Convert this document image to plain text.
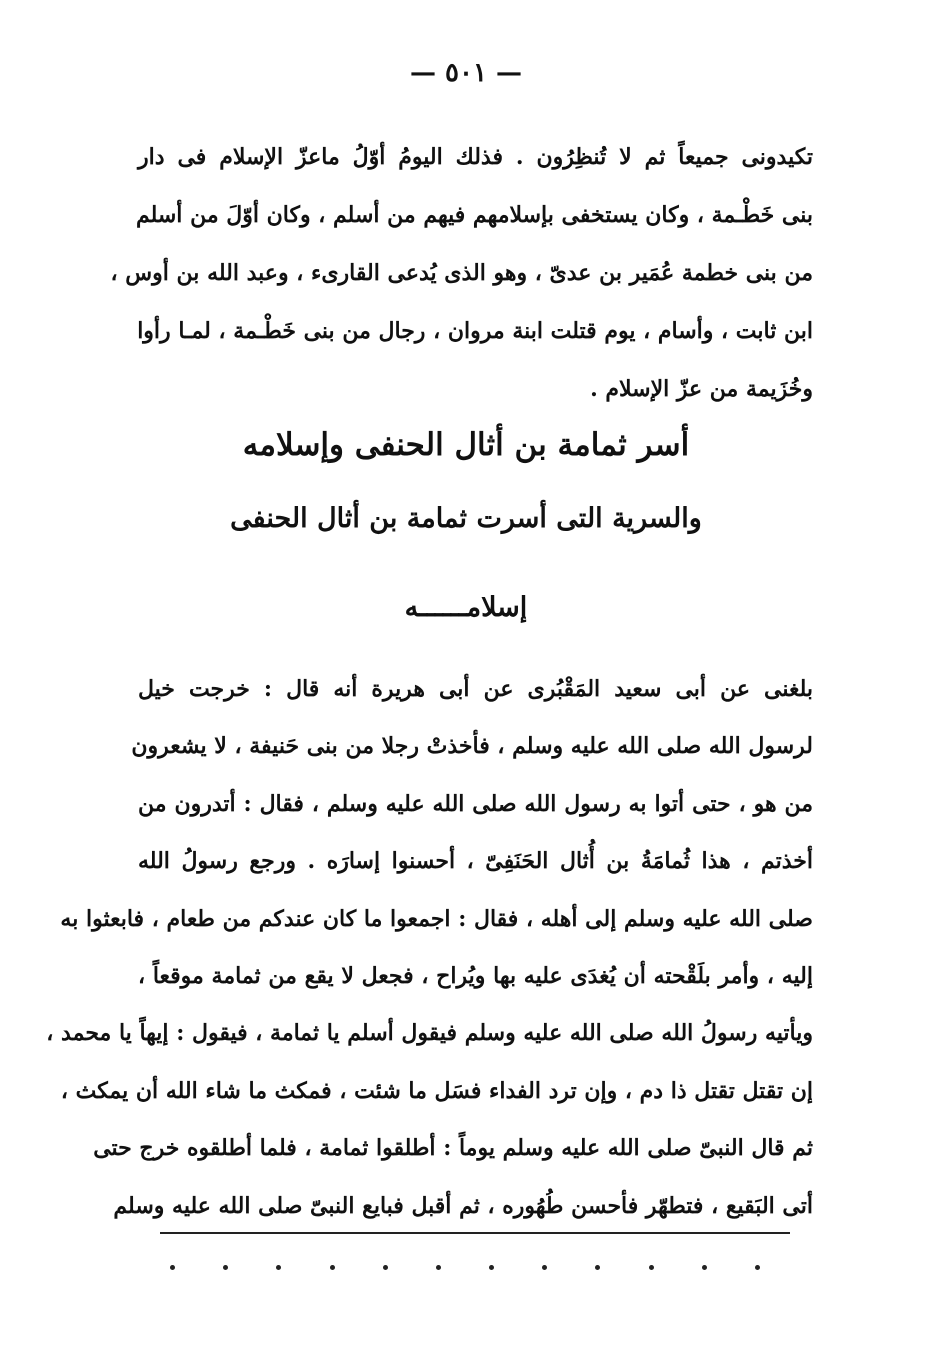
— ٥٠١ —
تكيدونى جميعاً ثم لا تُنظِرُون . فذلك اليومُ أوّلُ ماعزّ الإسلام فى دار
بنى خَطْـمة ، وكان يستخفى بإسلامهم فيهم من أسلم ، وكان أوّلَ من أسلم
من بنى خطمة عُمَير بن عدىّ ، وهو الذى يُدعى القارىء ، وعبد الله بن أوس ،
ابن ثابت ، وأسام ، يوم قتلت ابنة مروان ، رجال من بنى خَطْـمة ، لمـا رأوا
وخُزَيمة من عزّ الإسلام .
أسر ثمامة بن أثال الحنفى وإسلامه
والسرية التى أسرت ثمامة بن أثال الحنفى
إسلامــــــه
بلغنى عن أبى سعيد المَقْبُرى عن أبى هريرة أنه قال : خرجت خيل
لرسول الله صلى الله عليه وسلم ، فأخذتْ رجلا من بنى حَنيفة ، لا يشعرون
من هو ، حتى أتوا به رسول الله صلى الله عليه وسلم ، فقال : أتدرون من
أخذتم ، هذا ثُمامَةُ بن أُثال الحَنَفِىّ ، أحسنوا إسارَه . ورجع رسولُ الله
صلى الله عليه وسلم إلى أهله ، فقال : اجمعوا ما كان عندكم من طعام ، فابعثوا به
إليه ، وأمر بلَقْحته أن يُغدَى عليه بها ويُراح ، فجعل لا يقع من ثمامة موقعاً ،
ويأتيه رسولُ الله صلى الله عليه وسلم فيقول أسلم يا ثمامة ، فيقول : إيهاً يا محمد ،
إن تقتل تقتل ذا دم ، وإن ترد الفداء فسَل ما شئت ، فمكث ما شاء الله أن يمكث ،
ثم قال النبىّ صلى الله عليه وسلم يوماً : أطلقوا ثمامة ، فلما أطلقوه خرج حتى
أتى البَقيع ، فتطهّر فأحسن طُهُوره ، ثم أقبل فبايع النبىّ صلى الله عليه وسلم
